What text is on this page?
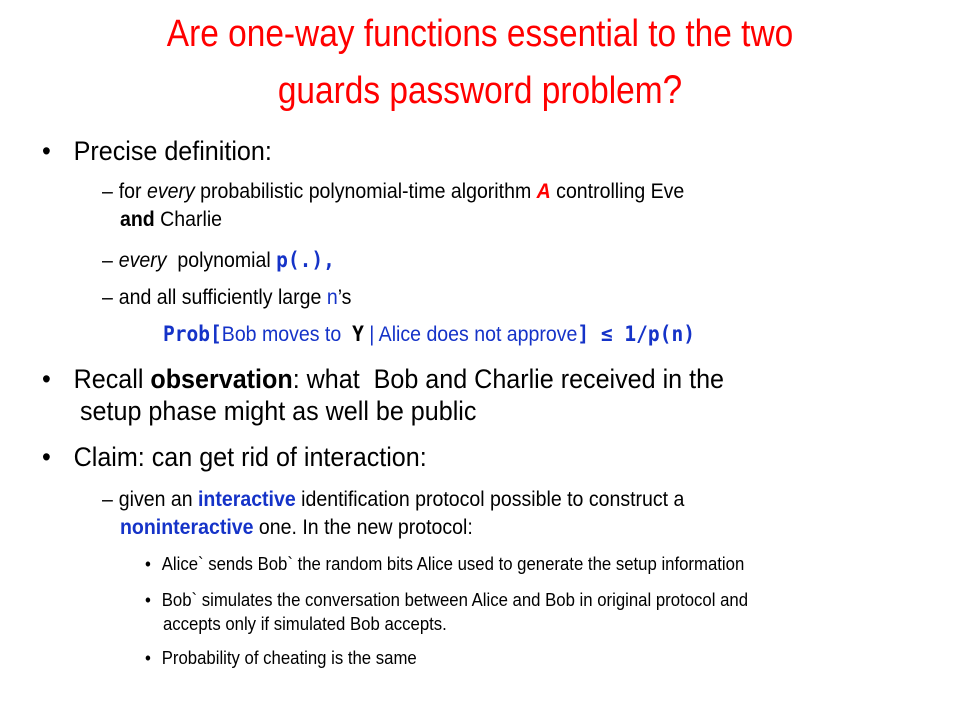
Are one-way functions essential to the two
guards password problem?
• Precise definition:
– for every probabilistic polynomial-time algorithm A controlling Eve
and Charlie
– every  polynomial p(.),
– and all sufficiently large n’s
Prob[Bob moves to  Y | Alice does not approve] ≤ 1/p(n)
• Recall observation: what  Bob and Charlie received in the
setup phase might as well be public
• Claim: can get rid of interaction:
– given an interactive identification protocol possible to construct a
noninteractive one. In the new protocol:
• Alice` sends Bob` the random bits Alice used to generate the setup information
• Bob` simulates the conversation between Alice and Bob in original protocol and
accepts only if simulated Bob accepts.
• Probability of cheating is the same
